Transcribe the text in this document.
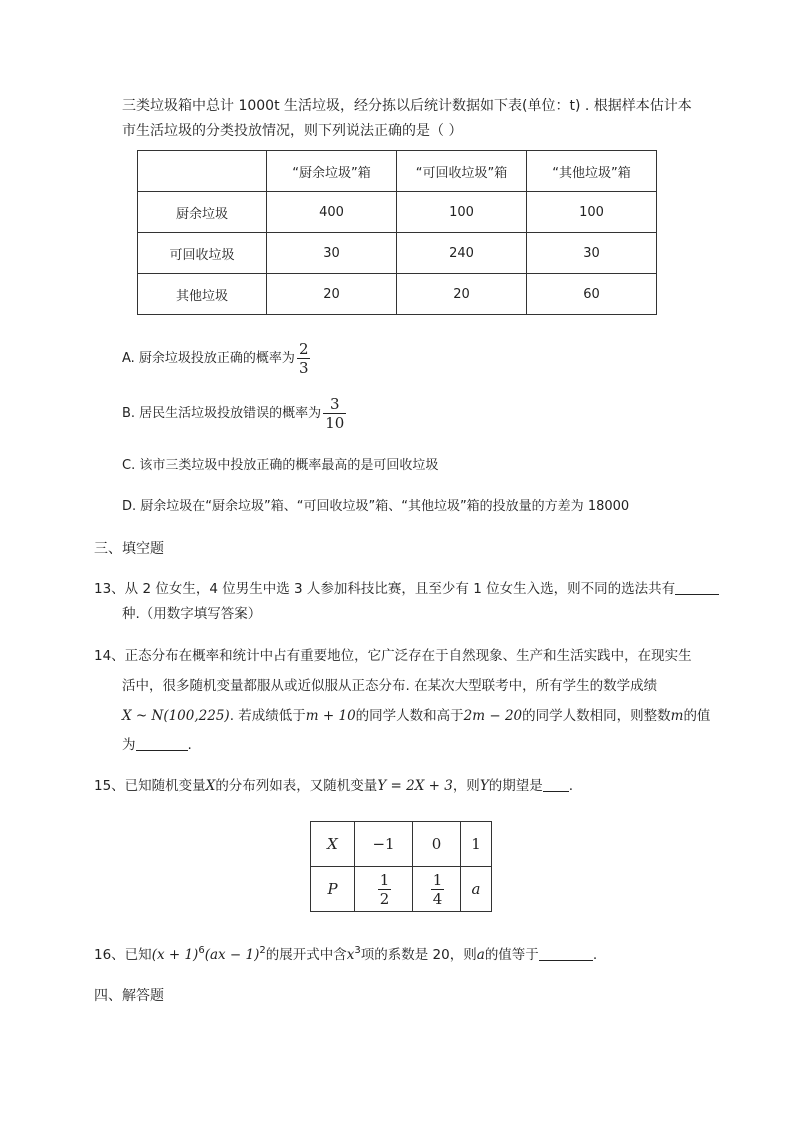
三类垃圾箱中总计 1000t 生活垃圾，经分拣以后统计数据如下表(单位：t) . 根据样本估计本
市生活垃圾的分类投放情况，则下列说法正确的是（ ）
	“厨余垃圾”箱	“可回收垃圾”箱	“其他垃圾”箱
厨余垃圾	400	100	100
可回收垃圾	30	240	30
其他垃圾	20	20	60
A. 厨余垃圾投放正确的概率为 $\frac{2}{3}$
B. 居民生活垃圾投放错误的概率为 $\frac{3}{10}$
C. 该市三类垃圾中投放正确的概率最高的是可回收垃圾
D. 厨余垃圾在“厨余垃圾”箱、“可回收垃圾”箱、“其他垃圾”箱的投放量的方差为 18000
三、填空题
13、从 2 位女生，4 位男生中选 3 人参加科技比赛，且至少有 1 位女生入选，则不同的选法共有
种.（用数字填写答案）
14、正态分布在概率和统计中占有重要地位，它广泛存在于自然现象、生产和生活实践中，在现实生
活中，很多随机变量都服从或近似服从正态分布. 在某次大型联考中，所有学生的数学成绩
X ~ N(100,225). 若成绩低于m + 10的同学人数和高于2m − 20的同学人数相同，则整数m的值
为	.
15、已知随机变量X的分布列如表，又随机变量Y = 2X + 3，则Y的期望是 .
X	−1	0	1
P	$\frac{1}{2}$	$\frac{1}{4}$	a
16、已知$(x + 1)^6(ax - 1)^2$的展开式中含$x^3$项的系数是 20，则a的值等于	.
四、解答题
